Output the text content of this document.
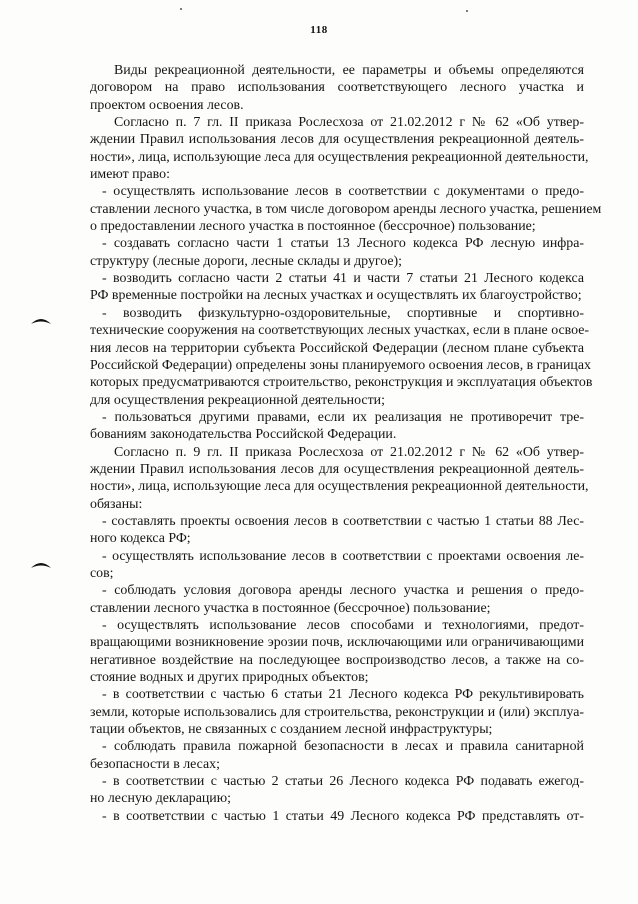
118
Виды рекреационной деятельности, ее параметры и объемы определяются
договором на право использования соответствующего лесного участка и
проектом освоения лесов.
Согласно п. 7 гл. II приказа Рослесхоза от 21.02.2012 г № 62 «Об утвер-
ждении Правил использования лесов для осуществления рекреационной деятель-
ности», лица, использующие леса для осуществления рекреационной деятельности,
имеют право:
- осуществлять использование лесов в соответствии с документами о предо-
ставлении лесного участка, в том числе договором аренды лесного участка, решением
о предоставлении лесного участка в постоянное (бессрочное) пользование;
- создавать согласно части 1 статьи 13 Лесного кодекса РФ лесную инфра-
структуру (лесные дороги, лесные склады и другое);
- возводить согласно части 2 статьи 41 и части 7 статьи 21 Лесного кодекса
РФ временные постройки на лесных участках и осуществлять их благоустройство;
- возводить физкультурно-оздоровительные, спортивные и спортивно-
технические сооружения на соответствующих лесных участках, если в плане освое-
ния лесов на территории субъекта Российской Федерации (лесном плане субъекта
Российской Федерации) определены зоны планируемого освоения лесов, в границах
которых предусматриваются строительство, реконструкция и эксплуатация объектов
для осуществления рекреационной деятельности;
- пользоваться другими правами, если их реализация не противоречит тре-
бованиям законодательства Российской Федерации.
Согласно п. 9 гл. II приказа Рослесхоза от 21.02.2012 г № 62 «Об утвер-
ждении Правил использования лесов для осуществления рекреационной деятель-
ности», лица, использующие леса для осуществления рекреационной деятельности,
обязаны:
- составлять проекты освоения лесов в соответствии с частью 1 статьи 88 Лес-
ного кодекса РФ;
- осуществлять использование лесов в соответствии с проектами освоения ле-
сов;
- соблюдать условия договора аренды лесного участка и решения о предо-
ставлении лесного участка в постоянное (бессрочное) пользование;
- осуществлять использование лесов способами и технологиями, предот-
вращающими возникновение эрозии почв, исключающими или ограничивающими
негативное воздействие на последующее воспроизводство лесов, а также на со-
стояние водных и других природных объектов;
- в соответствии с частью 6 статьи 21 Лесного кодекса РФ рекультивировать
земли, которые использовались для строительства, реконструкции и (или) эксплуа-
тации объектов, не связанных с созданием лесной инфраструктуры;
- соблюдать правила пожарной безопасности в лесах и правила санитарной
безопасности в лесах;
- в соответствии с частью 2 статьи 26 Лесного кодекса РФ подавать ежегод-
но лесную декларацию;
- в соответствии с частью 1 статьи 49 Лесного кодекса РФ представлять от-
